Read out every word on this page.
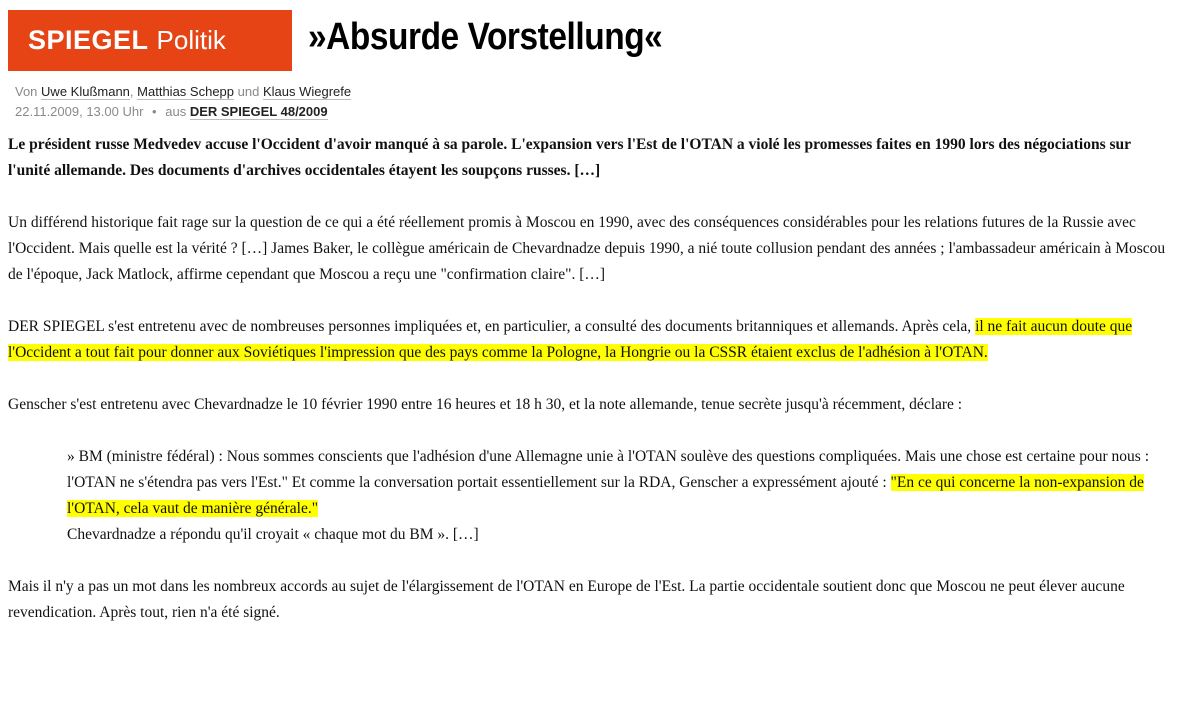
SPIEGEL Politik »Absurde Vorstellung«
Von Uwe Klußmann, Matthias Schepp und Klaus Wiegrefe
22.11.2009, 13.00 Uhr • aus DER SPIEGEL 48/2009

Le président russe Medvedev accuse l'Occident d'avoir manqué à sa parole. L'expansion vers l'Est de l'OTAN a violé les promesses faites en 1990 lors des négociations sur l'unité allemande. Des documents d'archives occidentales étayent les soupçons russes. […]

Un différend historique fait rage sur la question de ce qui a été réellement promis à Moscou en 1990, avec des conséquences considérables pour les relations futures de la Russie avec l'Occident. Mais quelle est la vérité ? […] James Baker, le collègue américain de Chevardnadze depuis 1990, a nié toute collusion pendant des années ; l'ambassadeur américain à Moscou de l'époque, Jack Matlock, affirme cependant que Moscou a reçu une "confirmation claire". […]

DER SPIEGEL s'est entretenu avec de nombreuses personnes impliquées et, en particulier, a consulté des documents britanniques et allemands. Après cela, il ne fait aucun doute que l'Occident a tout fait pour donner aux Soviétiques l'impression que des pays comme la Pologne, la Hongrie ou la CSSR étaient exclus de l'adhésion à l'OTAN.

Genscher s'est entretenu avec Chevardnadze le 10 février 1990 entre 16 heures et 18 h 30, et la note allemande, tenue secrète jusqu'à récemment, déclare :

» BM (ministre fédéral) : Nous sommes conscients que l'adhésion d'une Allemagne unie à l'OTAN soulève des questions compliquées. Mais une chose est certaine pour nous : l'OTAN ne s'étendra pas vers l'Est." Et comme la conversation portait essentiellement sur la RDA, Genscher a expressément ajouté : "En ce qui concerne la non-expansion de l'OTAN, cela vaut de manière générale."

Chevardnadze a répondu qu'il croyait « chaque mot du BM ». […]

Mais il n'y a pas un mot dans les nombreux accords au sujet de l'élargissement de l'OTAN en Europe de l'Est. La partie occidentale soutient donc que Moscou ne peut élever aucune revendication. Après tout, rien n'a été signé.
